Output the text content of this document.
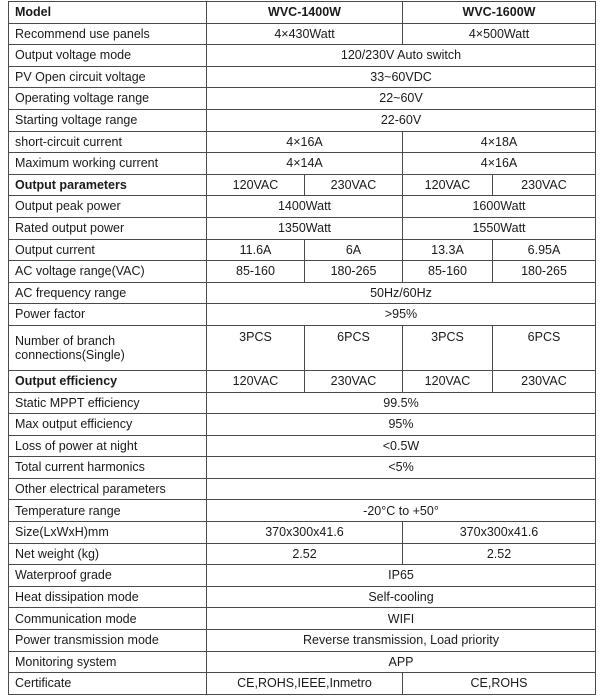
Model	WVC-1400W		WVC-1600W	
Recommend use panels	4×430Watt		4×500Watt	
Output voltage mode	120/230V Auto switch			
PV Open circuit voltage	33~60VDC			
Operating voltage range	22~60V			
Starting voltage range	22-60V			
short-circuit current	4×16A		4×18A	
Maximum working current	4×14A		4×16A	
Output parameters	120VAC	230VAC	120VAC	230VAC
Output peak power	1400Watt		1600Watt	
Rated output power	1350Watt		1550Watt	
Output current	11.6A	6A	13.3A	6.95A
AC voltage range(VAC)	85-160	180-265	85-160	180-265
AC frequency range	50Hz/60Hz			
Power factor	>95%			
Number of branch connections(Single)	3PCS	6PCS	3PCS	6PCS
Output efficiency	120VAC	230VAC	120VAC	230VAC
Static MPPT efficiency	99.5%			
Max output efficiency	95%			
Loss of power at night	<0.5W			
Total current harmonics	<5%			
Other electrical parameters				
Temperature range	-20°C to +50°			
Size(LxWxH)mm	370x300x41.6		370x300x41.6	
Net weight (kg)	2.52		2.52	
Waterproof grade	IP65			
Heat dissipation mode	Self-cooling			
Communication mode	WIFI			
Power transmission mode	Reverse transmission, Load priority			
Monitoring system	APP			
Certificate	CE,ROHS,IEEE,Inmetro		CE,ROHS	
